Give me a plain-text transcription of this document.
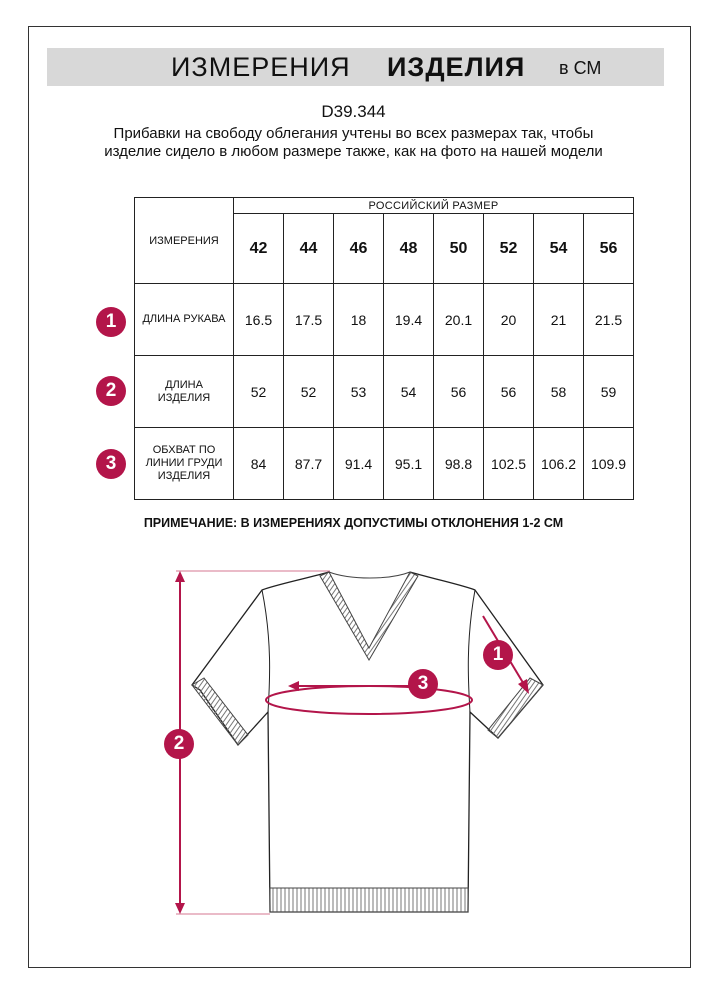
ИЗМЕРЕНИЯ ИЗДЕЛИЯ в СМ
D39.344
Прибавки на свободу облегания учтены во всех размерах так, чтобы изделие сидело в любом размере также, как на фото на нашей модели
ИЗМЕРЕНИЯ	РОССИЙСКИЙ РАЗМЕР							
	42	44	46	48	50	52	54	56
ДЛИНА РУКАВА	16.5	17.5	18	19.4	20.1	20	21	21.5
ДЛИНА ИЗДЕЛИЯ	52	52	53	54	56	56	58	59
ОБХВАТ ПО ЛИНИИ ГРУДИ ИЗДЕЛИЯ	84	87.7	91.4	95.1	98.8	102.5	106.2	109.9
1
2
3
ПРИМЕЧАНИЕ: В ИЗМЕРЕНИЯХ ДОПУСТИМЫ ОТКЛОНЕНИЯ 1-2 СМ
2
3
1
